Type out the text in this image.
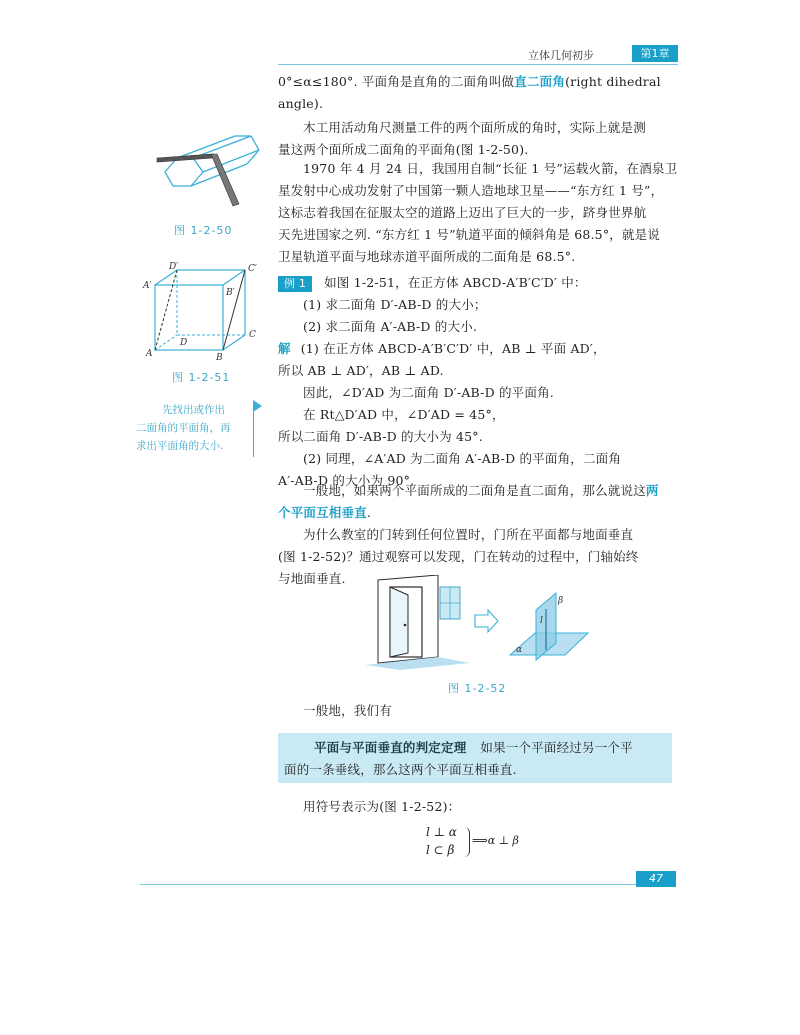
立体几何初步	第1章
0°≤α≤180°. 平面角是直角的二面角叫做直二面角(right dihedral
angle).
木工用活动角尺测量工件的两个面所成的角时，实际上就是测
量这两个面所成二面角的平面角(图 1-2-50).
1970 年 4 月 24 日，我国用自制“长征 1 号”运载火箭，在酒泉卫
星发射中心成功发射了中国第一颗人造地球卫星——“东方红 1 号”，
这标志着我国在征服太空的道路上迈出了巨大的一步，跻身世界航
天先进国家之列. “东方红 1 号”轨道平面的倾斜角是 68.5°，就是说
卫星轨道平面与地球赤道平面所成的二面角是 68.5°.
例 1 如图 1-2-51，在正方体 ABCD-A′B′C′D′ 中：
(1) 求二面角 D′-AB-D 的大小；
(2) 求二面角 A′-AB-D 的大小.
解 (1) 在正方体 ABCD-A′B′C′D′ 中，AB ⊥ 平面 AD′，
所以 AB ⊥ AD′，AB ⊥ AD.
因此，∠D′AD 为二面角 D′-AB-D 的平面角.
在 Rt△D′AD 中，∠D′AD = 45°，
所以二面角 D′-AB-D 的大小为 45°.
(2) 同理，∠A′AD 为二面角 A′-AB-D 的平面角，二面角
A′-AB-D 的大小为 90°.
一般地，如果两个平面所成的二面角是直二面角，那么就说这两
个平面互相垂直.
为什么教室的门转到任何位置时，门所在平面都与地面垂直
(图 1-2-52)？通过观察可以发现，门在转动的过程中，门轴始终
与地面垂直.
α
β
l
图 1-2-52
一般地，我们有
平面与平面垂直的判定定理 如果一个平面经过另一个平
面的一条垂线，那么这两个平面互相垂直.
用符号表示为(图 1-2-52)：
l ⊥ α
l ⊂ β
⟹α ⊥ β
图 1-2-50
D′	C′
A′
B′
A	B
C
D
图 1-2-51
先找出或作出
二面角的平面角，再
求出平面角的大小.
47
